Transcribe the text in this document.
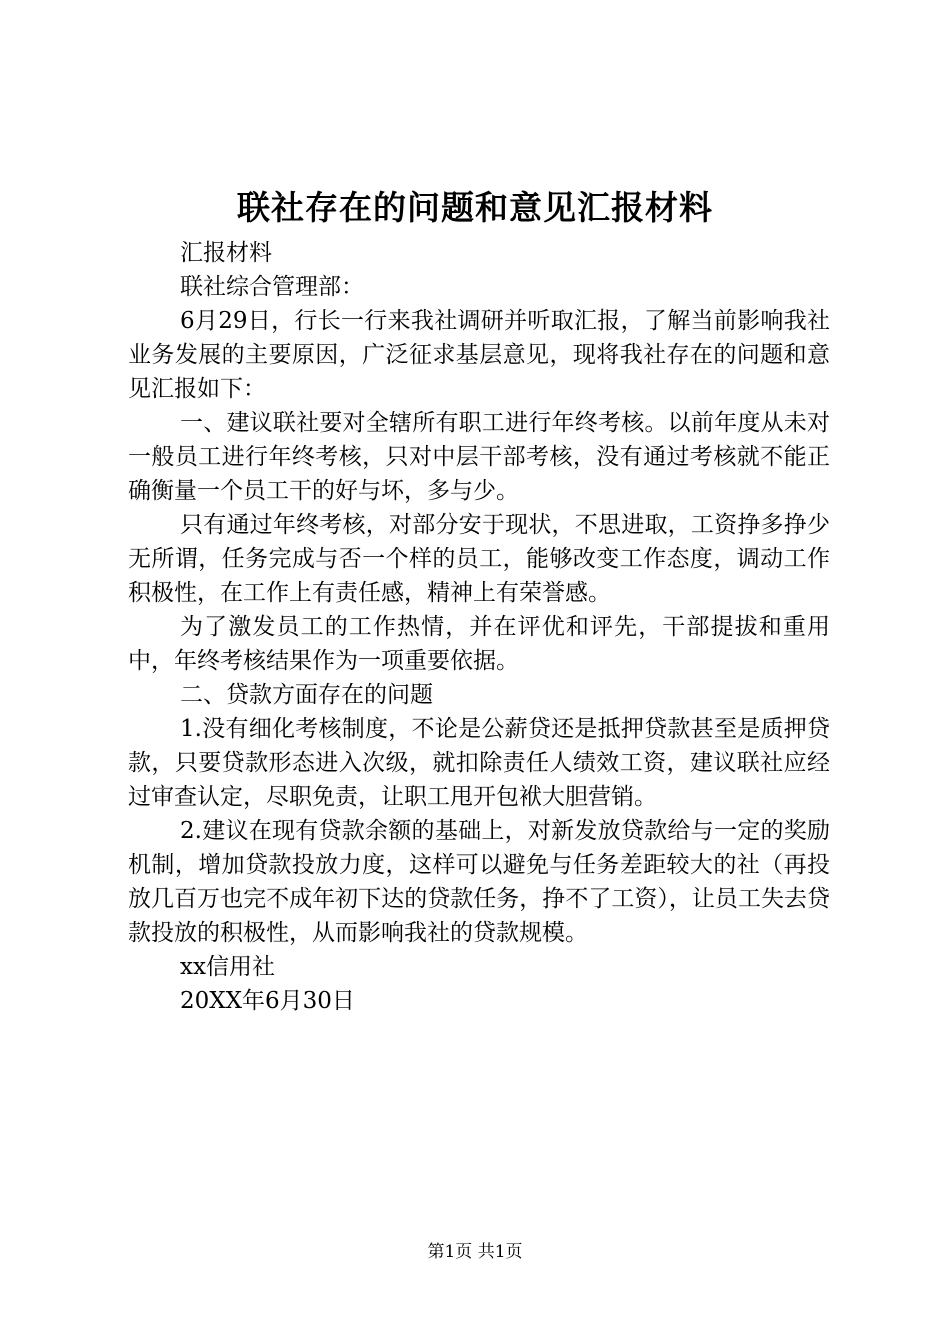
联社存在的问题和意见汇报材料

汇报材料

联社综合管理部：

6月29日，行长一行来我社调研并听取汇报，了解当前影响我社业务发展的主要原因，广泛征求基层意见，现将我社存在的问题和意见汇报如下：

一、建议联社要对全辖所有职工进行年终考核。以前年度从未对一般员工进行年终考核，只对中层干部考核，没有通过考核就不能正确衡量一个员工干的好与坏，多与少。

只有通过年终考核，对部分安于现状，不思进取，工资挣多挣少无所谓，任务完成与否一个样的员工，能够改变工作态度，调动工作积极性，在工作上有责任感，精神上有荣誉感。

为了激发员工的工作热情，并在评优和评先，干部提拔和重用中，年终考核结果作为一项重要依据。

二、贷款方面存在的问题

1.没有细化考核制度，不论是公薪贷还是抵押贷款甚至是质押贷款，只要贷款形态进入次级，就扣除责任人绩效工资，建议联社应经过审查认定，尽职免责，让职工甩开包袱大胆营销。

2.建议在现有贷款余额的基础上，对新发放贷款给与一定的奖励机制，增加贷款投放力度，这样可以避免与任务差距较大的社（再投放几百万也完不成年初下达的贷款任务，挣不了工资），让员工失去贷款投放的积极性，从而影响我社的贷款规模。

xx信用社

20XX年6月30日

第1页 共1页
